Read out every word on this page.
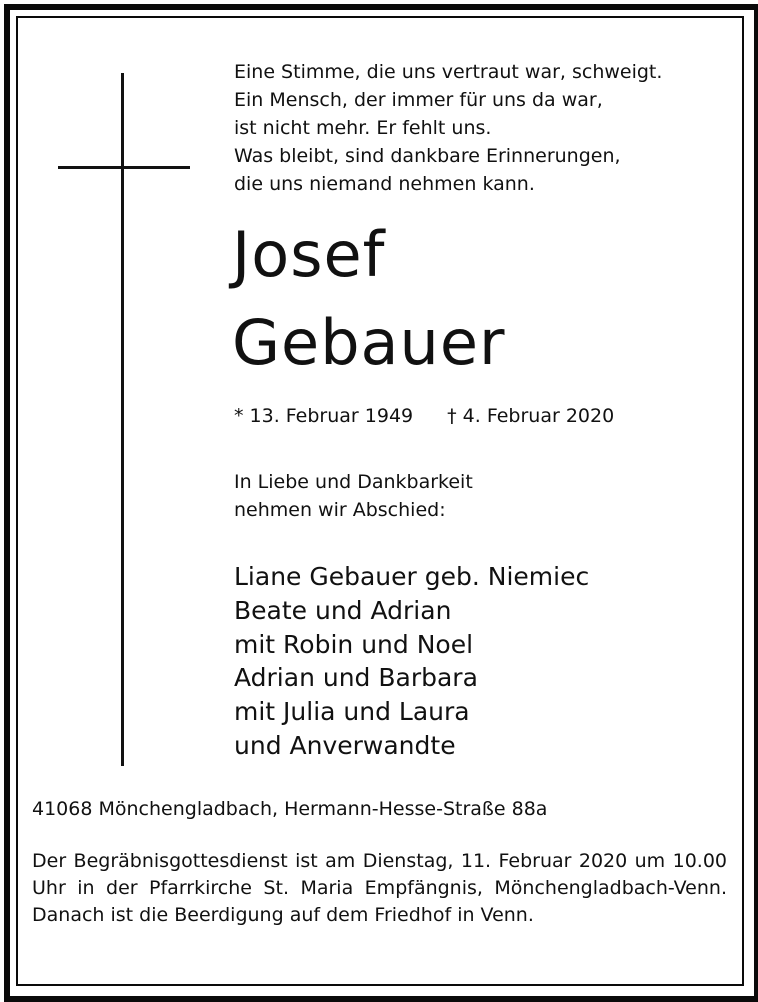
Eine Stimme, die uns vertraut war, schweigt.
Ein Mensch, der immer für uns da war,
ist nicht mehr. Er fehlt uns.
Was bleibt, sind dankbare Erinnerungen,
die uns niemand nehmen kann.
Josef
Gebauer
* 13. Februar 1949 † 4. Februar 2020
In Liebe und Dankbarkeit
nehmen wir Abschied:
Liane Gebauer geb. Niemiec
Beate und Adrian
mit Robin und Noel
Adrian und Barbara
mit Julia und Laura
und Anverwandte
41068 Mönchengladbach, Hermann-Hesse-Straße 88a
Der Begräbnisgottesdienst ist am Dienstag, 11. Februar 2020 um 10.00 Uhr in der Pfarrkirche St. Maria Empfängnis, Mönchengladbach-Venn. Danach ist die Beerdigung auf dem Friedhof in Venn.
